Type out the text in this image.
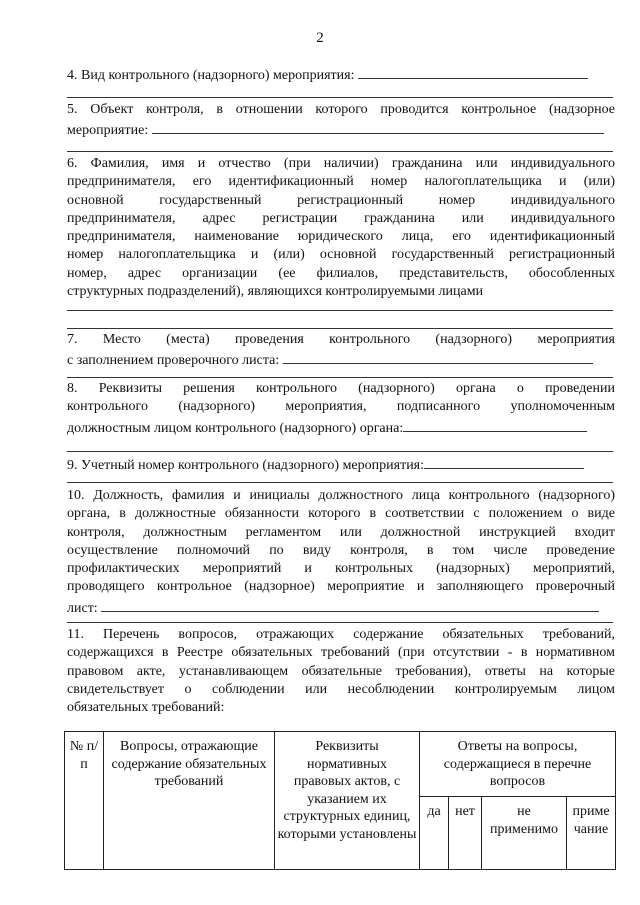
2
4. Вид контрольного (надзорного) мероприятия:
5. Объект контроля, в отношении которого проводится контрольное (надзорное
мероприятие:
6. Фамилия, имя и отчество (при наличии) гражданина или индивидуального
предпринимателя, его идентификационный номер налогоплательщика и (или)
основной государственный регистрационный номер индивидуального
предпринимателя, адрес регистрации гражданина или индивидуального
предпринимателя, наименование юридического лица, его идентификационный
номер налогоплательщика и (или) основной государственный регистрационный
номер, адрес организации (ее филиалов, представительств, обособленных
структурных подразделений), являющихся контролируемыми лицами
7. Место (места) проведения контрольного (надзорного) мероприятия
с заполнением проверочного листа:
8. Реквизиты решения контрольного (надзорного) органа о проведении
контрольного (надзорного) мероприятия, подписанного уполномоченным
должностным лицом контрольного (надзорного) органа:
9. Учетный номер контрольного (надзорного) мероприятия:
10. Должность, фамилия и инициалы должностного лица контрольного (надзорного)
органа, в должностные обязанности которого в соответствии с положением о виде
контроля, должностным регламентом или должностной инструкцией входит
осуществление полномочий по виду контроля, в том числе проведение
профилактических мероприятий и контрольных (надзорных) мероприятий,
проводящего контрольное (надзорное) мероприятие и заполняющего проверочный
лист:
11. Перечень вопросов, отражающих содержание обязательных требований,
содержащихся в Реестре обязательных требований (при отсутствии - в нормативном
правовом акте, устанавливающем обязательные требования), ответы на которые
свидетельствует о соблюдении или несоблюдении контролируемым лицом
обязательных требований:
№ п/п	Вопросы, отражающие содержание обязательных требований	Реквизиты нормативных правовых актов, с указанием их структурных единиц, которыми установлены	Ответы на вопросы, содержащиеся в перечне вопросов			
			да	нет	не применимо	приме чание
